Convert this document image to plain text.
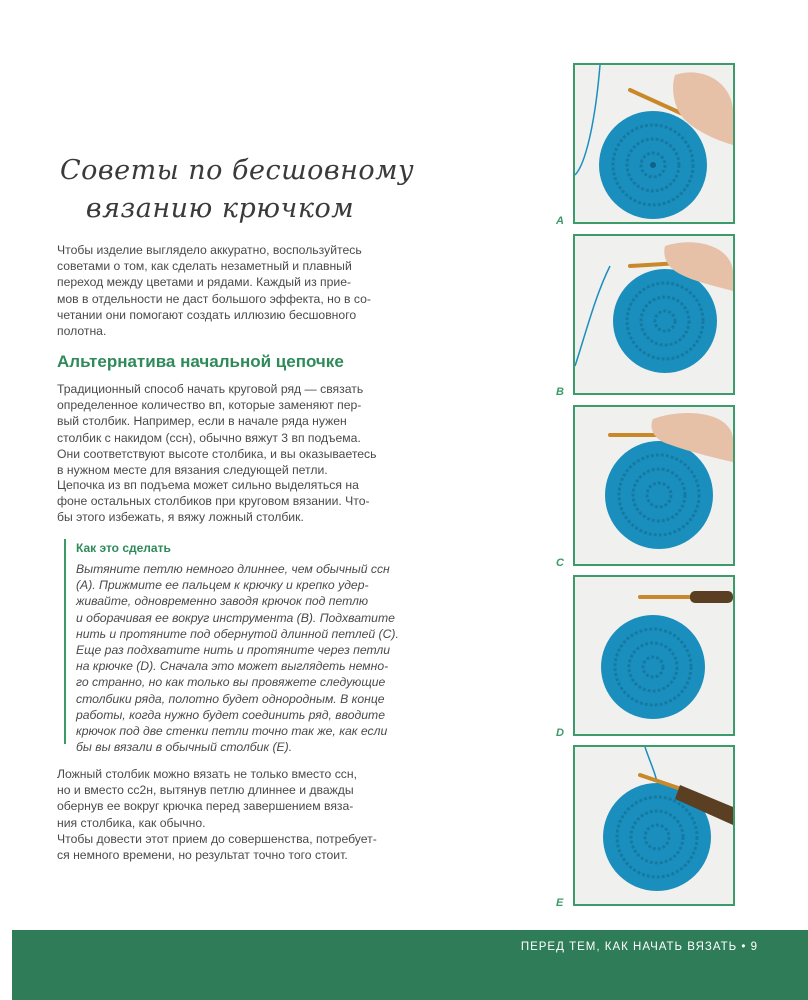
Советы по бесшовному
вязанию крючком

Чтобы изделие выглядело аккуратно, воспользуйтесь
советами о том, как сделать незаметный и плавный
переход между цветами и рядами. Каждый из прие-
мов в отдельности не даст большого эффекта, но в со-
четании они помогают создать иллюзию бесшовного
полотна.

Альтернатива начальной цепочке

Традиционный способ начать круговой ряд — связать
определенное количество вп, которые заменяют пер-
вый столбик. Например, если в начале ряда нужен
столбик с накидом (ссн), обычно вяжут 3 вп подъема.
Они соответствуют высоте столбика, и вы оказываетесь
в нужном месте для вязания следующей петли.

Цепочка из вп подъема может сильно выделяться на
фоне остальных столбиков при круговом вязании. Что-
бы этого избежать, я вяжу ложный столбик.

Как это сделать
Вытяните петлю немного длиннее, чем обычный ссн
(A). Прижмите ее пальцем к крючку и крепко удер-
живайте, одновременно заводя крючок под петлю
и оборачивая ее вокруг инструмента (B). Подхватите
нить и протяните под обернутой длинной петлей (C).
Еще раз подхватите нить и протяните через петли
на крючке (D). Сначала это может выглядеть немно-
го странно, но как только вы провяжете следующие
столбики ряда, полотно будет однородным. В конце
работы, когда нужно будет соединить ряд, вводите
крючок под две стенки петли точно так же, как если
бы вы вязали в обычный столбик (E).

Ложный столбик можно вязать не только вместо ссн,
но и вместо сс2н, вытянув петлю длиннее и дважды
обернув ее вокруг крючка перед завершением вяза-
ния столбика, как обычно.

Чтобы довести этот прием до совершенства, потребует-
ся немного времени, но результат точно того стоит.

A
B
C
D
E
ПЕРЕД ТЕМ, КАК НАЧАТЬ ВЯЗАТЬ • 9
